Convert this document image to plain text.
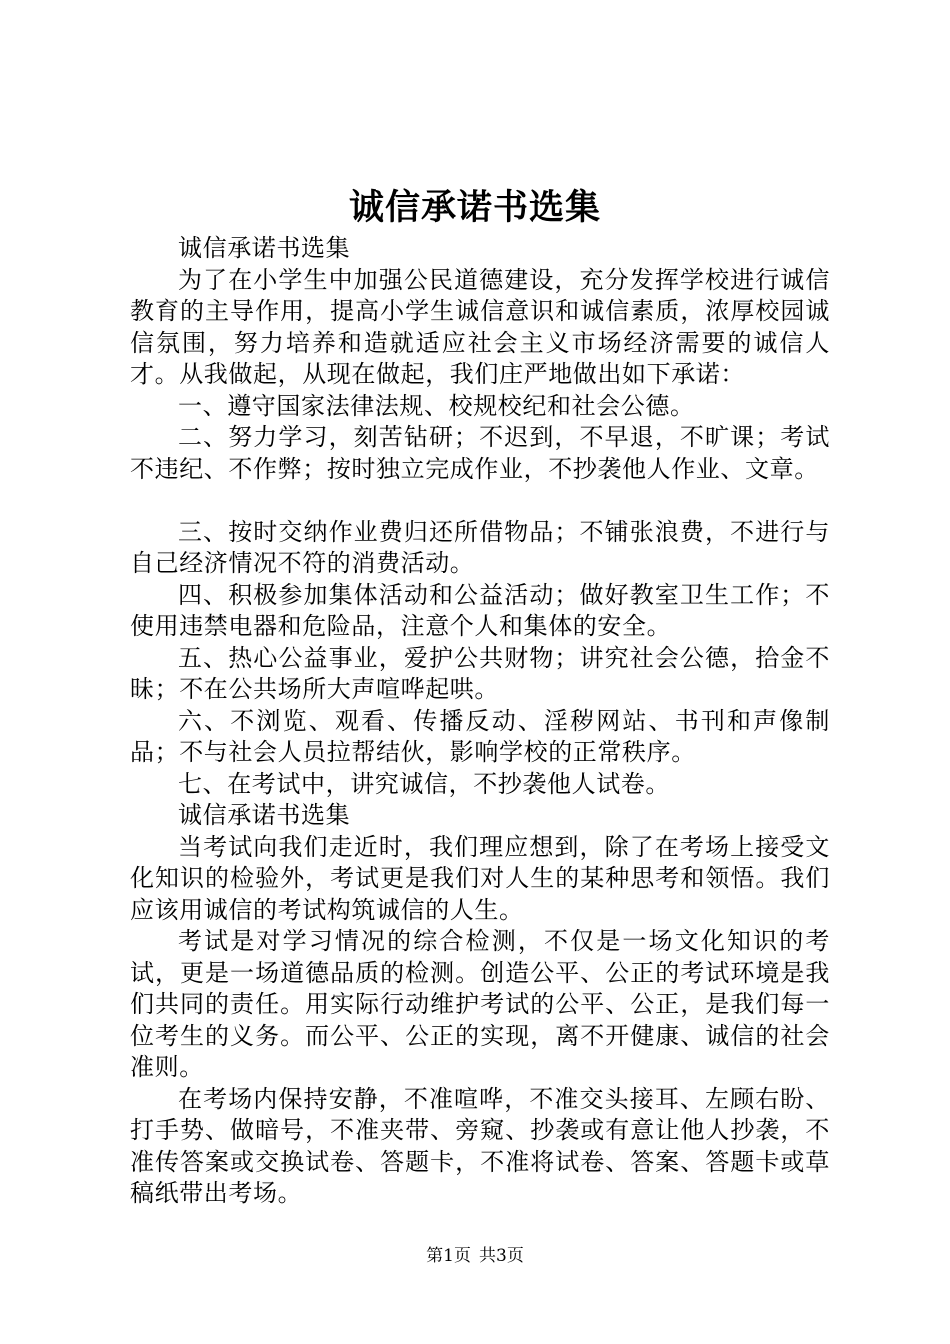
诚信承诺书选集

诚信承诺书选集

为了在小学生中加强公民道德建设，充分发挥学校进行诚信教育的主导作用，提高小学生诚信意识和诚信素质，浓厚校园诚信氛围，努力培养和造就适应社会主义市场经济需要的诚信人才。从我做起，从现在做起，我们庄严地做出如下承诺：

一、遵守国家法律法规、校规校纪和社会公德。

二、努力学习，刻苦钻研；不迟到，不早退，不旷课；考试不违纪、不作弊；按时独立完成作业，不抄袭他人作业、文章。

三、按时交纳作业费归还所借物品；不铺张浪费，不进行与自己经济情况不符的消费活动。

四、积极参加集体活动和公益活动；做好教室卫生工作；不使用违禁电器和危险品，注意个人和集体的安全。

五、热心公益事业，爱护公共财物；讲究社会公德，拾金不昧；不在公共场所大声喧哗起哄。

六、不浏览、观看、传播反动、淫秽网站、书刊和声像制品；不与社会人员拉帮结伙，影响学校的正常秩序。

七、在考试中，讲究诚信，不抄袭他人试卷。

诚信承诺书选集

当考试向我们走近时，我们理应想到，除了在考场上接受文化知识的检验外，考试更是我们对人生的某种思考和领悟。我们应该用诚信的考试构筑诚信的人生。

考试是对学习情况的综合检测，不仅是一场文化知识的考试，更是一场道德品质的检测。创造公平、公正的考试环境是我们共同的责任。用实际行动维护考试的公平、公正，是我们每一位考生的义务。而公平、公正的实现，离不开健康、诚信的社会准则。

在考场内保持安静，不准喧哗，不准交头接耳、左顾右盼、打手势、做暗号，不准夹带、旁窥、抄袭或有意让他人抄袭，不准传答案或交换试卷、答题卡，不准将试卷、答案、答题卡或草稿纸带出考场。

第1页 共3页
